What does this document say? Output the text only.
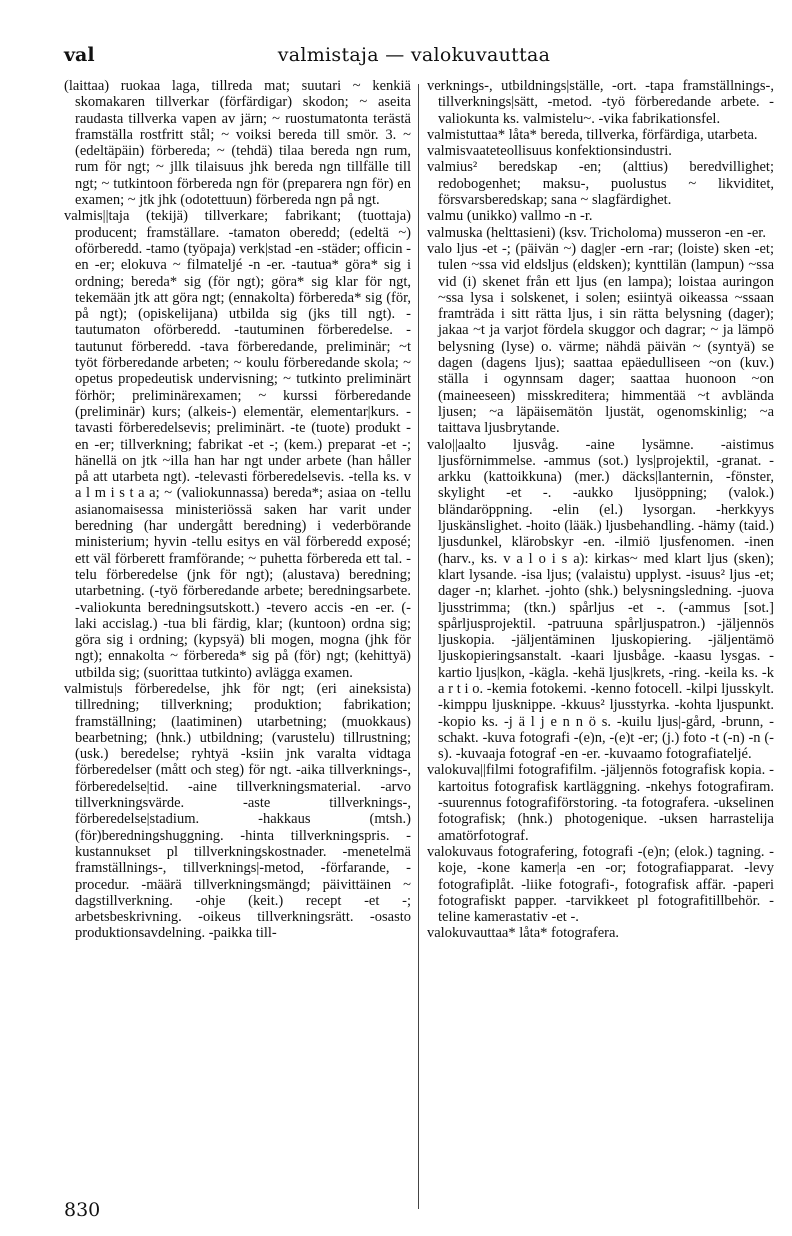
val	valmistaja — valokuvauttaa

(laittaa) ruokaa laga, tillreda mat; suutari ~ kenkiä skomakaren tillverkar (förfärdigar) skodon; ~ aseita raudasta tillverka vapen av järn; ~ ruostumatonta terästä framställa rostfritt stål; ~ voiksi bereda till smör. 3. ~ (edeltäpäin) förbereda; ~ (tehdä) tilaa bereda ngn rum, rum för ngt; ~ jllk tilaisuus jhk bereda ngn tillfälle till ngt; ~ tutkintoon förbereda ngn för (preparera ngn för) en examen; ~ jtk jhk (odotettuun) förbereda ngn på ngt.

valmis||taja (tekijä) tillverkare; fabrikant; (tuottaja) producent; framställare. -tamaton oberedd; (edeltä ~) oförberedd. -tamo (työpaja) verk|stad -en -städer; officin -en -er; elokuva ~ filmateljé -n -er. -tautua* göra* sig i ordning; bereda* sig (för ngt); göra* sig klar för ngt, tekemään jtk att göra ngt; (ennakolta) förbereda* sig (för, på ngt); (opiskelijana) utbilda sig (jks till ngt). -tautumaton oförberedd. -tautuminen förberedelse. -tautunut förberedd. -tava förberedande, preliminär; ~t työt förberedande arbeten; ~ koulu förberedande skola; ~ opetus propedeutisk undervisning; ~ tutkinto preliminärt förhör; preliminärexamen; ~ kurssi förberedande (preliminär) kurs; (alkeis-) elementär, elementar|kurs. -tavasti förberedelsevis; preliminärt. -te (tuote) produkt -en -er; tillverkning; fabrikat -et -; (kem.) preparat -et -; hänellä on jtk ~illa han har ngt under arbete (han håller på att utarbeta ngt). -televasti förberedelsevis. -tella ks. v a l m i s t a a; ~ (valiokunnassa) bereda*; asiaa on -tellu asianomaisessa ministeriössä saken har varit under beredning (har undergått beredning) i vederbörande ministerium; hyvin -tellu esitys en väl förberedd exposé; ett väl förberett framförande; ~ puhetta förbereda ett tal. -telu förberedelse (jnk för ngt); (alustava) beredning; utarbetning. (-työ förberedande arbete; beredningsarbete. -valiokunta beredningsutskott.) -tevero accis -en -er. (-laki accislag.) -tua bli färdig, klar; (kuntoon) ordna sig; göra sig i ordning; (kypsyä) bli mogen, mogna (jhk för ngt); ennakolta ~ förbereda* sig på (för) ngt; (kehittyä) utbilda sig; (suorittaa tutkinto) avlägga examen.

valmistu|s förberedelse, jhk för ngt; (eri aineksista) tillredning; tillverkning; produktion; fabrikation; framställning; (laatiminen) utarbetning; (muokkaus) bearbetning; (hnk.) utbildning; (varustelu) tillrustning; (usk.) beredelse; ryhtyä -ksiin jnk varalta vidtaga förberedelser (mått och steg) för ngt. -aika tillverknings-, förberedelse|tid. -aine tillverkningsmaterial. -arvo tillverkningsvärde. -aste tillverknings-, förberedelse|stadium. -hakkaus (mtsh.) (för)beredningshuggning. -hinta tillverkningspris. -kustannukset pl tillverkningskostnader. -menetelmä framställnings-, tillverknings|-metod, -förfarande, -procedur. -määrä tillverkningsmängd; päivittäinen ~ dagstillverkning. -ohje (keit.) recept -et -; arbetsbeskrivning. -oikeus tillverkningsrätt. -osasto produktionsavdelning. -paikka till-

verknings-, utbildnings|ställe, -ort. -tapa framställnings-, tillverknings|sätt, -metod. -työ förberedande arbete. -valiokunta ks. valmistelu~. -vika fabrikationsfel.

valmistuttaa* låta* bereda, tillverka, förfärdiga, utarbeta.

valmisvaateteollisuus konfektionsindustri.

valmius² beredskap -en; (alttius) beredvillighet; redobogenhet; maksu-, puolustus ~ likviditet, försvarsberedskap; sana ~ slagfärdighet.

valmu (unikko) vallmo -n -r.

valmuska (helttasieni) (ksv. Tricholoma) musseron -en -er.

valo ljus -et -; (päivän ~) dag|er -ern -rar; (loiste) sken -et; tulen ~ssa vid eldsljus (eldsken); kynttilän (lampun) ~ssa vid (i) skenet från ett ljus (en lampa); loistaa auringon ~ssa lysa i solskenet, i solen; esiintyä oikeassa ~ssaan framträda i sitt rätta ljus, i sin rätta belysning (dager); jakaa ~t ja varjot fördela skuggor och dagrar; ~ ja lämpö belysning (lyse) o. värme; nähdä päivän ~ (syntyä) se dagen (dagens ljus); saattaa epäedulliseen ~on (kuv.) ställa i ogynnsam dager; saattaa huonoon ~on (maineeseen) misskreditera; himmentää ~t avblända ljusen; ~a läpäisemätön ljustät, ogenomskinlig; ~a taittava ljusbrytande.

valo||aalto ljusvåg. -aine lysämne. -aistimus ljusförnimmelse. -ammus (sot.) lys|projektil, -granat. -arkku (kattoikkuna) (mer.) däcks|lanternin, -fönster, skylight -et -. -aukko ljusöppning; (valok.) bländaröppning. -elin (el.) lysorgan. -herkkyys ljuskänslighet. -hoito (lääk.) ljusbehandling. -hämy (taid.) ljusdunkel, klärobskyr -en. -ilmiö ljusfenomen. -inen (harv., ks. v a l o i s a): kirkas~ med klart ljus (sken); klart lysande. -isa ljus; (valaistu) upplyst. -isuus² ljus -et; dager -n; klarhet. -johto (shk.) belysningsledning. -juova ljusstrimma; (tkn.) spårljus -et -. (-ammus [sot.] spårljusprojektil. -patruuna spårljuspatron.) -jäljennös ljuskopia. -jäljentäminen ljuskopiering. -jäljentämö ljuskopieringsanstalt. -kaari ljusbåge. -kaasu lysgas. -kartio ljus|kon, -kägla. -kehä ljus|krets, -ring. -keila ks. -k a r t i o. -kemia fotokemi. -kenno fotocell. -kilpi ljusskylt. -kimppu ljusknippe. -kkuus² ljusstyrka. -kohta ljuspunkt. -kopio ks. -j ä l j e n n ö s. -kuilu ljus|-gård, -brunn, -schakt. -kuva fotografi -(e)n, -(e)t -er; (j.) foto -t (-n) -n (-s). -kuvaaja fotograf -en -er. -kuvaamo fotografiateljé.

valokuva||filmi fotografifilm. -jäljennös fotografisk kopia. -kartoitus fotografisk kartläggning. -nkehys fotografiram. -suurennus fotografiförstoring. -ta fotografera. -ukselinen fotografisk; (hnk.) photogenique. -uksen harrastelija amatörfotograf.

valokuvaus fotografering, fotografi -(e)n; (elok.) tagning. -koje, -kone kamer|a -en -or; fotografiapparat. -levy fotografiplåt. -liike fotografi-, fotografisk affär. -paperi fotografiskt papper. -tarvikkeet pl fotografitillbehör. -teline kamerastativ -et -.

valokuvauttaa* låta* fotografera.

830
